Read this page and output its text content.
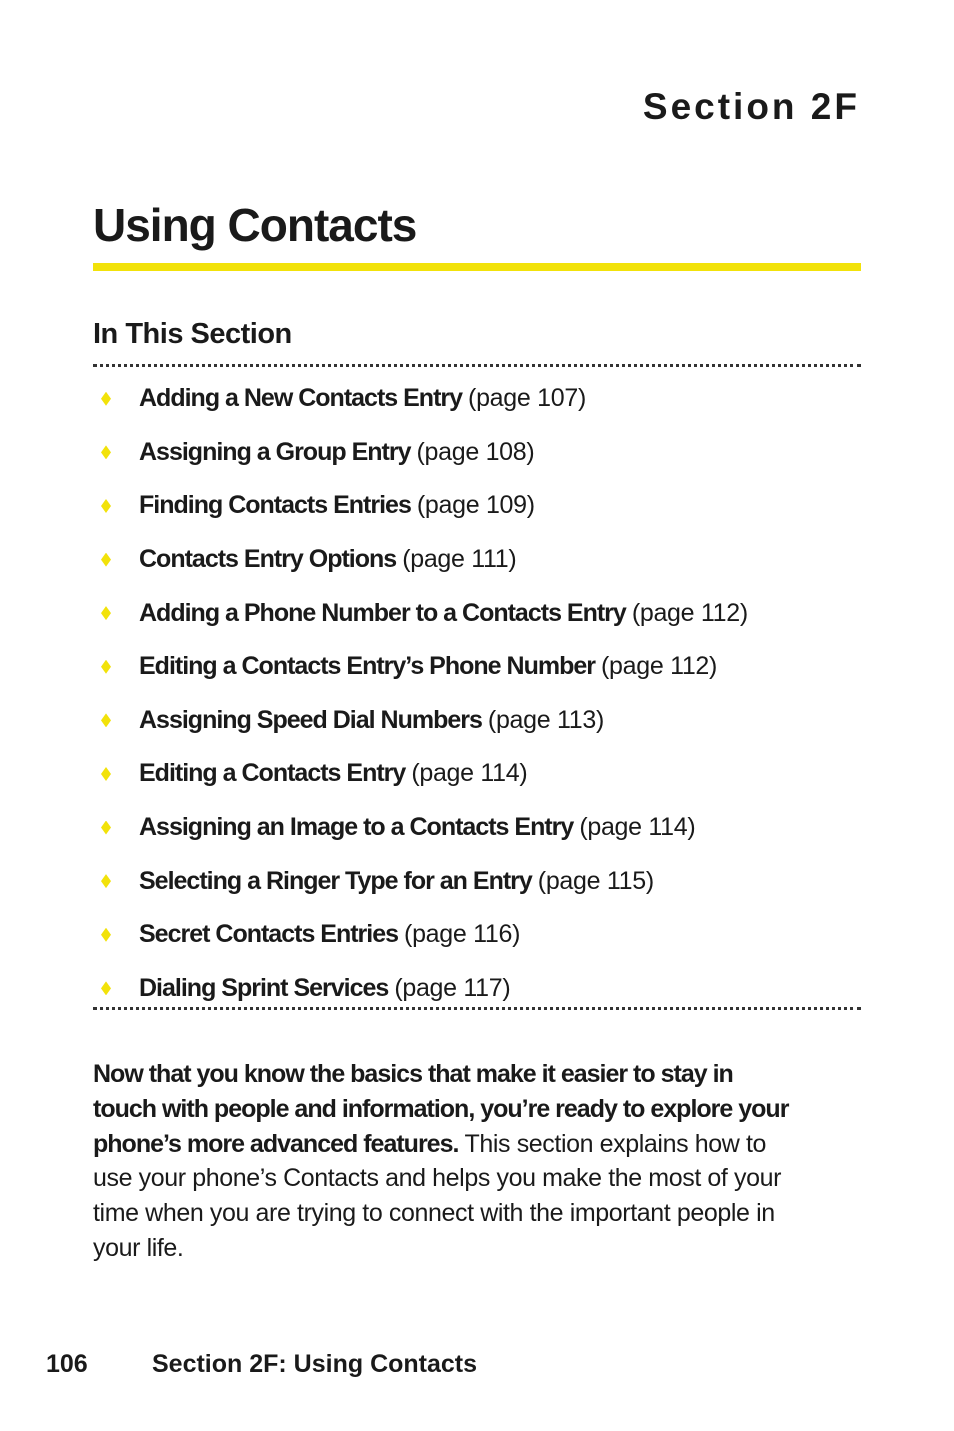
Section 2F
Using Contacts
In This Section
Adding a New Contacts Entry (page 107)
Assigning a Group Entry (page 108)
Finding Contacts Entries (page 109)
Contacts Entry Options (page 111)
Adding a Phone Number to a Contacts Entry (page 112)
Editing a Contacts Entry’s Phone Number (page 112)
Assigning Speed Dial Numbers (page 113)
Editing a Contacts Entry (page 114)
Assigning an Image to a Contacts Entry (page 114)
Selecting a Ringer Type for an Entry (page 115)
Secret Contacts Entries (page 116)
Dialing Sprint Services (page 117)

Now that you know the basics that make it easier to stay in touch with people and information, you’re ready to explore your phone’s more advanced features. This section explains how to use your phone’s Contacts and helps you make the most of your time when you are trying to connect with the important people in your life.

106	Section 2F: Using Contacts
